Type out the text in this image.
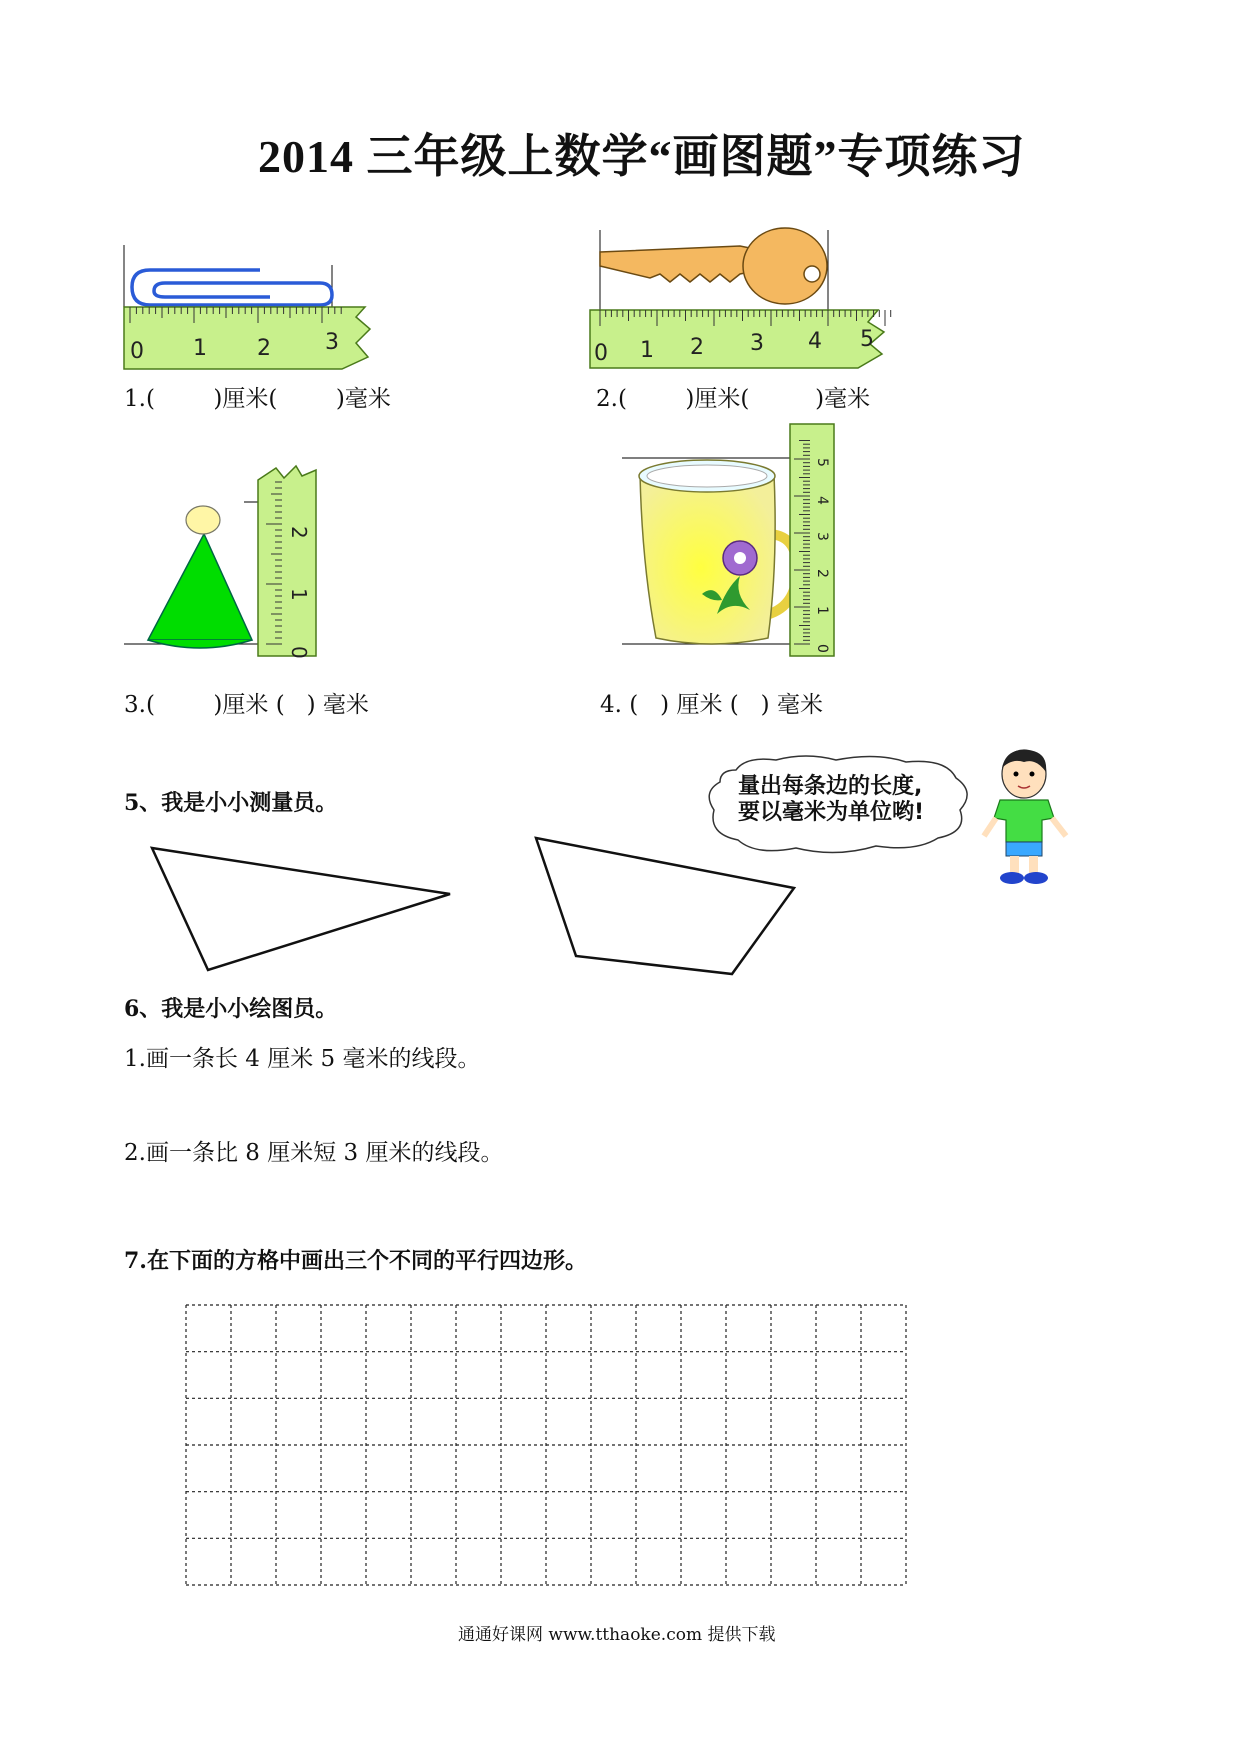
2014 三年级上数学“画图题”专项练习
0 1 2 3
1.(        )厘米(        )毫米
0 1 2 3 4 5
2.(        )厘米(         )毫米
0
1
2
3.(        )厘米 (   ) 毫米
0
1
2
3
4
5
4. (   ) 厘米 (   ) 毫米
5、我是小小测量员。
量出每条边的长度,
要以毫米为单位哟!
6、我是小小绘图员。
1.画一条长 4 厘米 5 毫米的线段。
2.画一条比 8 厘米短 3 厘米的线段。
7.在下面的方格中画出三个不同的平行四边形。
通通好课网 www.tthaoke.com 提供下载
